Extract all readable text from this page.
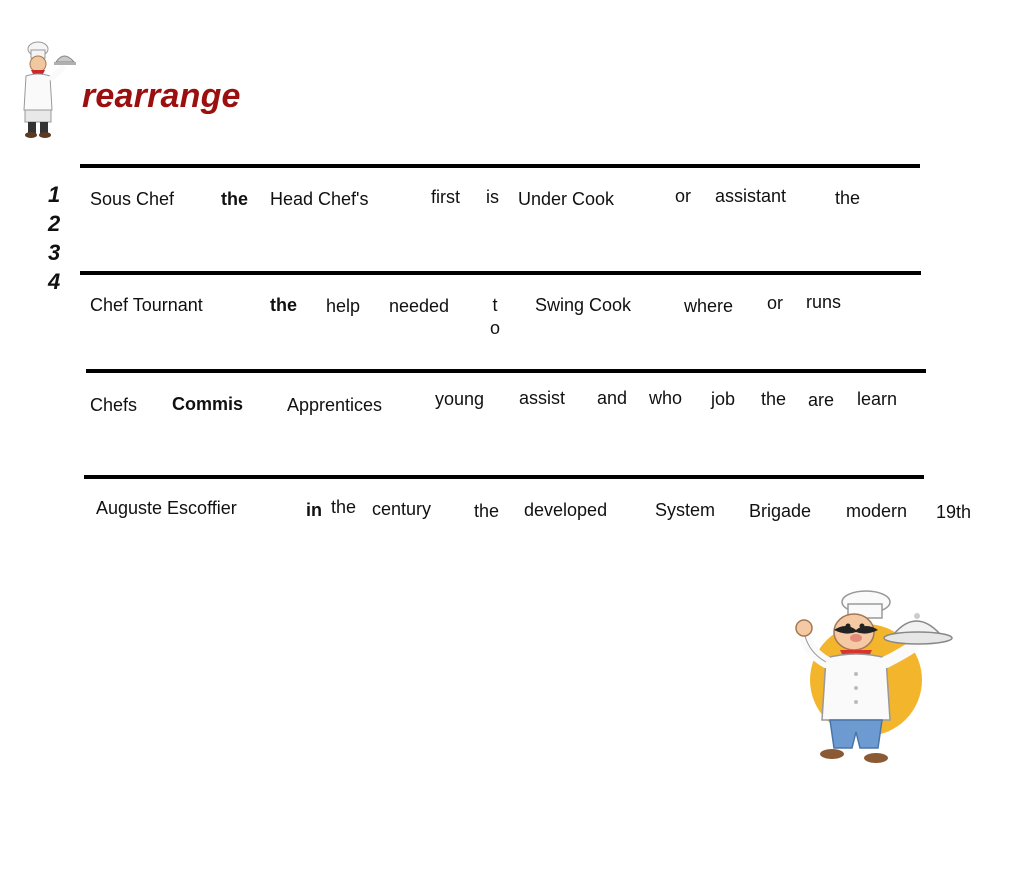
rearrange
1
2
3
4
Sous Chef	the Head Chef's	first is Under Cook	or assistant	the
Chef Tournant	the help needed t o
Swing Cook	where or runs
Chefs Commis Apprentices	young assist and who job the are learn
Auguste Escoffier	in the century the developed	System Brigade modern 19th
